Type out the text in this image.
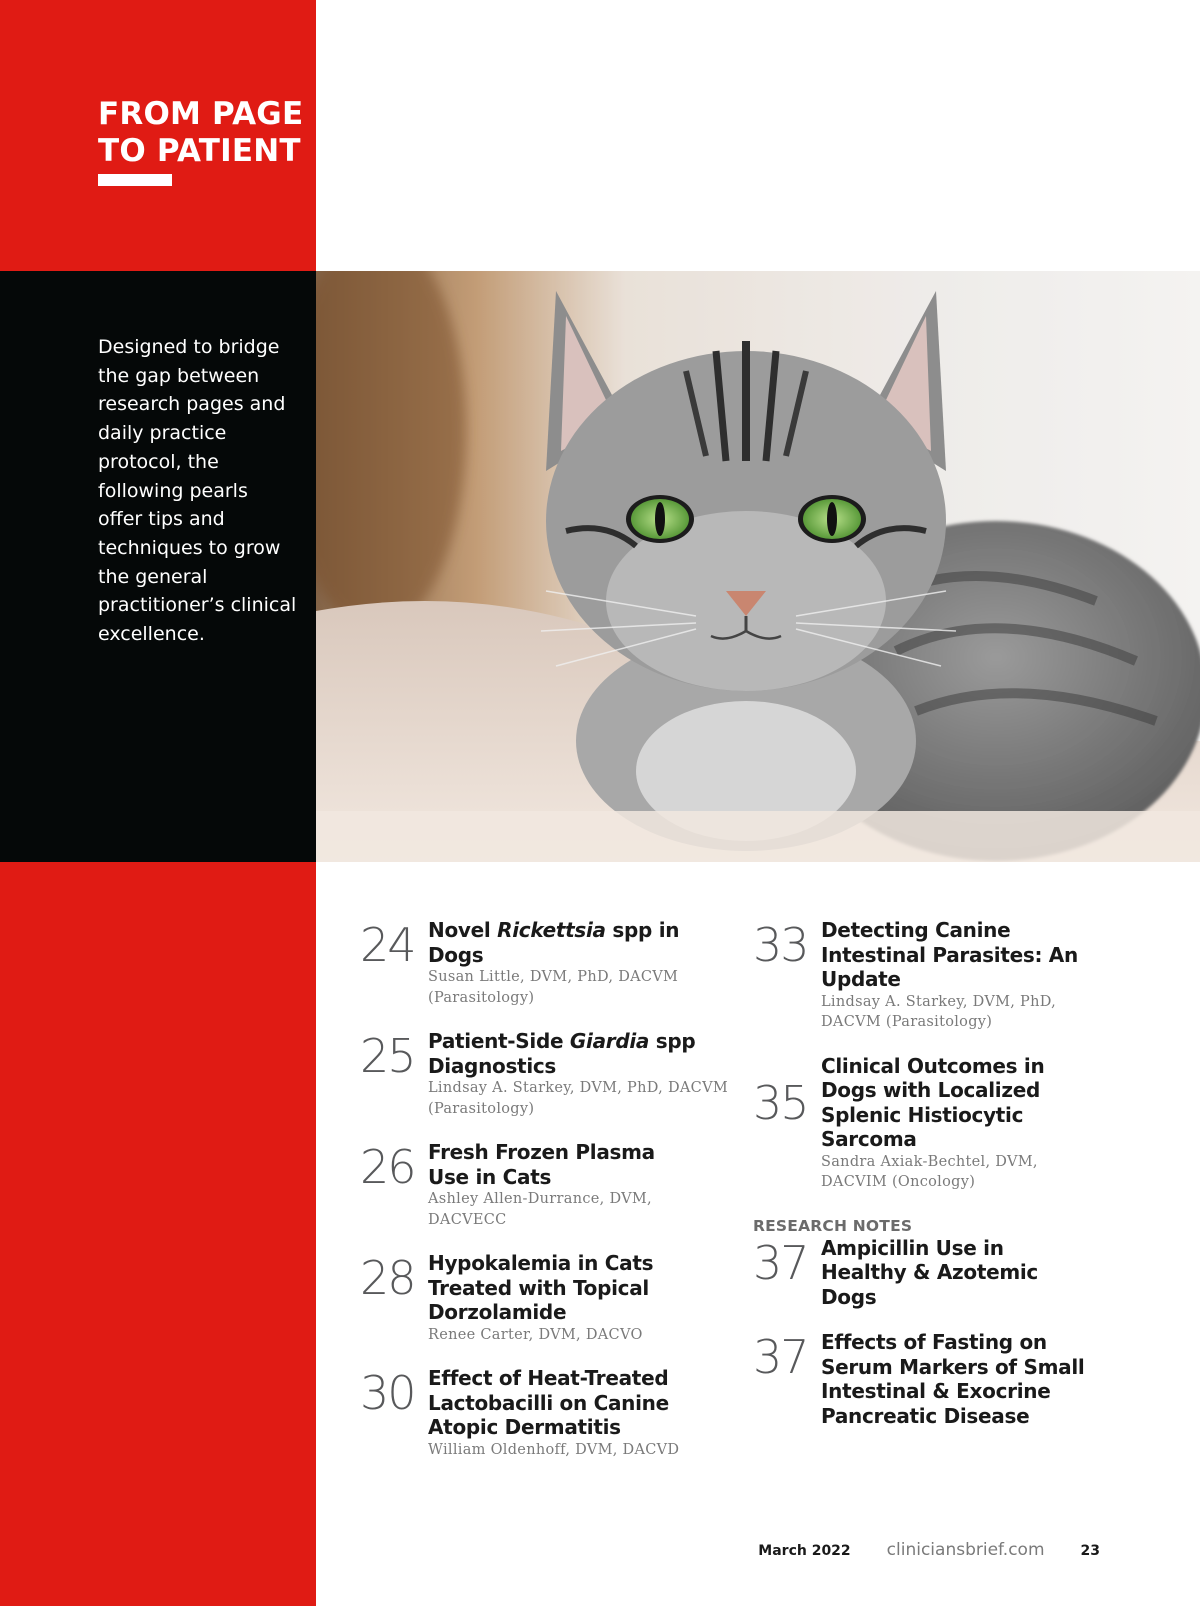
FROM PAGE
TO PATIENT

Designed to bridge the gap between research pages and daily practice protocol, the following pearls offer tips and techniques to grow the general practitioner’s clinical excellence.

24 Novel Rickettsia spp in Dogs
Susan Little, DVM, PhD, DACVM (Parasitology)
25 Patient-Side Giardia spp Diagnostics
Lindsay A. Starkey, DVM, PhD, DACVM (Parasitology)
26 Fresh Frozen Plasma Use in Cats
Ashley Allen-Durrance, DVM, DACVECC
28 Hypokalemia in Cats Treated with Topical Dorzolamide
Renee Carter, DVM, DACVO
30 Effect of Heat-Treated Lactobacilli on Canine Atopic Dermatitis
William Oldenhoff, DVM, DACVD
33 Detecting Canine Intestinal Parasites: An Update
Lindsay A. Starkey, DVM, PhD, DACVM (Parasitology)
35
Clinical Outcomes in Dogs with Localized Splenic Histiocytic Sarcoma
Sandra Axiak-Bechtel, DVM, DACVIM (Oncology)
RESEARCH NOTES
37 Ampicillin Use in Healthy & Azotemic Dogs
37 Effects of Fasting on Serum Markers of Small Intestinal & Exocrine Pancreatic Disease
March 2022 cliniciansbrief.com	23
